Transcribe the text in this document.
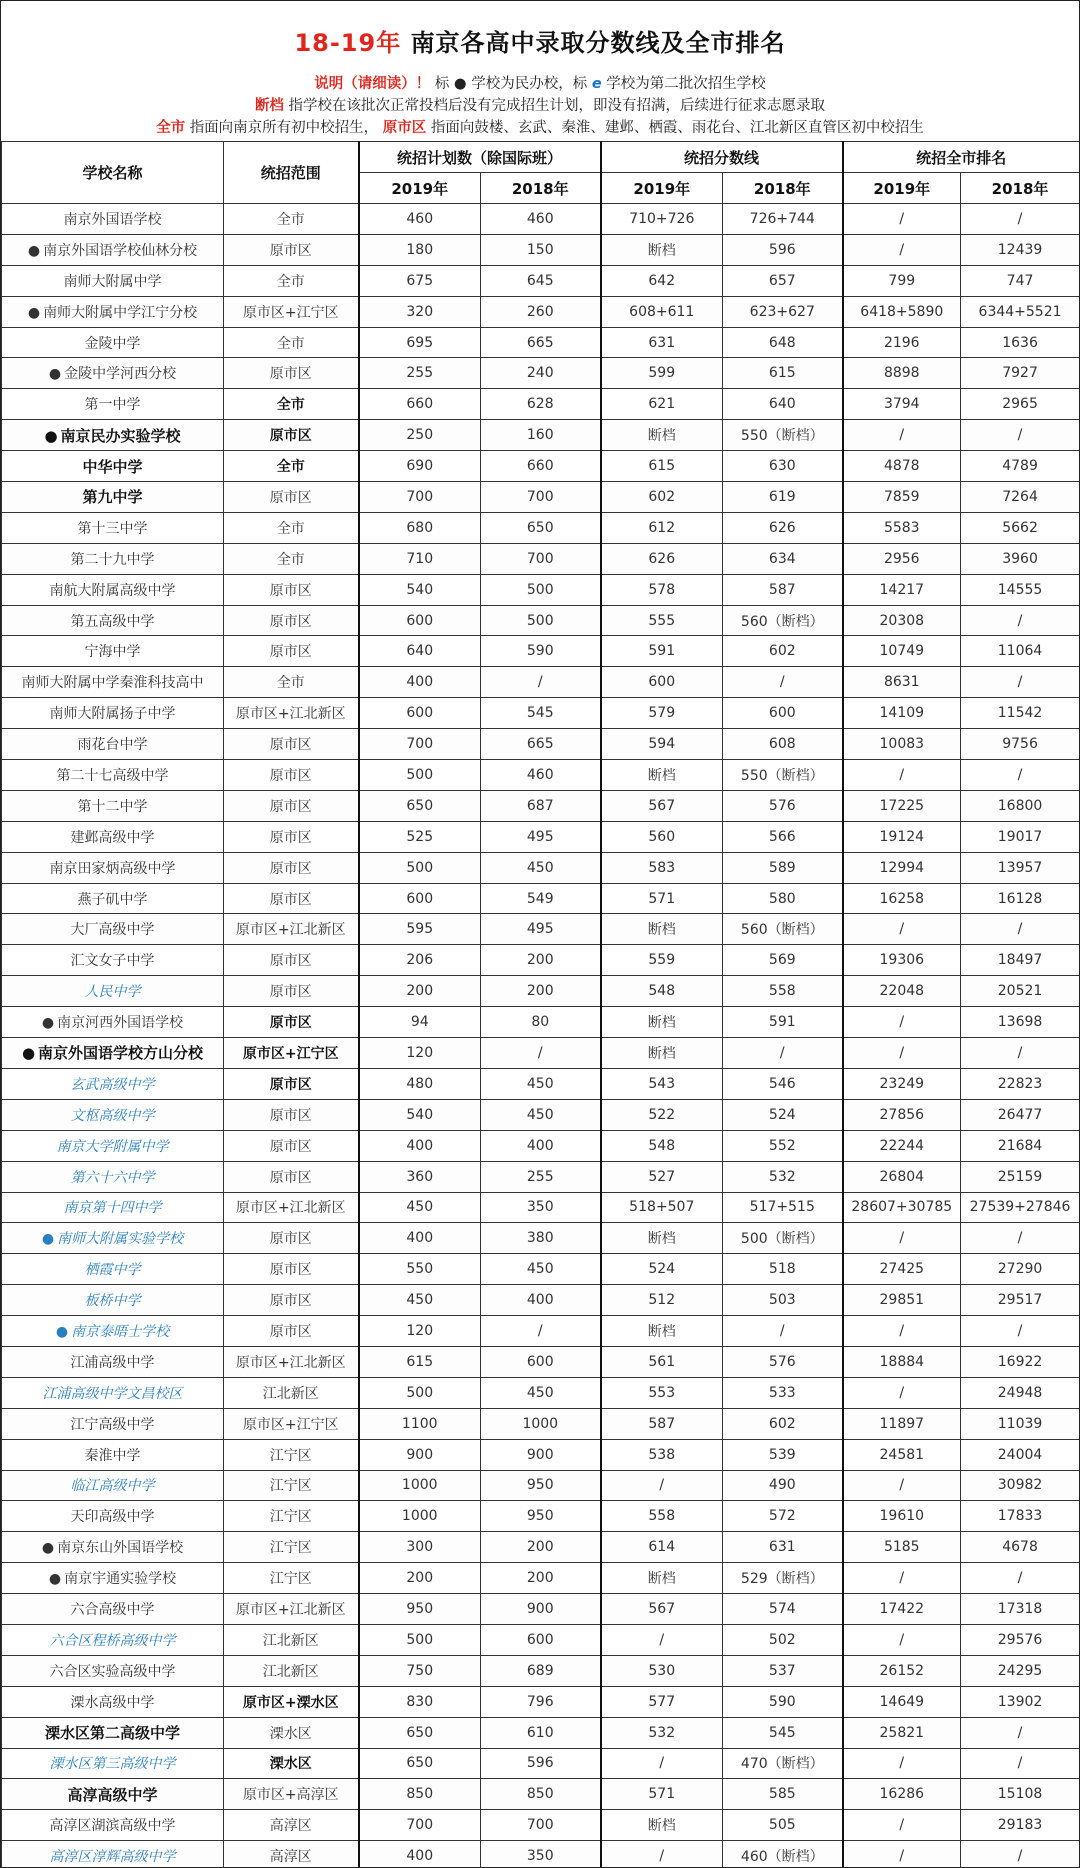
18-19年 南京各高中录取分数线及全市排名
说明（请细读）！ 标 ● 学校为民办校，标 e 学校为第二批次招生学校
断档 指学校在该批次正常投档后没有完成招生计划，即没有招满，后续进行征求志愿录取
全市 指面向南京所有初中校招生， 原市区 指面向鼓楼、玄武、秦淮、建邺、栖霞、雨花台、江北新区直管区初中校招生
学校名称	统招范围	统招计划数（除国际班）		统招分数线		统招全市排名	
		2019年	2018年	2019年	2018年	2019年	2018年
南京外国语学校	全市	460	460	710+726	726+744	/	/
● 南京外国语学校仙林分校	原市区	180	150	断档	596	/	12439
南师大附属中学	全市	675	645	642	657	799	747
● 南师大附属中学江宁分校	原市区+江宁区	320	260	608+611	623+627	6418+5890	6344+5521
金陵中学	全市	695	665	631	648	2196	1636
● 金陵中学河西分校	原市区	255	240	599	615	8898	7927
第一中学	全市	660	628	621	640	3794	2965
● 南京民办实验学校	原市区	250	160	断档	550（断档）	/	/
中华中学	全市	690	660	615	630	4878	4789
第九中学	原市区	700	700	602	619	7859	7264
第十三中学	全市	680	650	612	626	5583	5662
第二十九中学	全市	710	700	626	634	2956	3960
南航大附属高级中学	原市区	540	500	578	587	14217	14555
第五高级中学	原市区	600	500	555	560（断档）	20308	/
宁海中学	原市区	640	590	591	602	10749	11064
南师大附属中学秦淮科技高中	全市	400	/	600	/	8631	/
南师大附属扬子中学	原市区+江北新区	600	545	579	600	14109	11542
雨花台中学	原市区	700	665	594	608	10083	9756
第二十七高级中学	原市区	500	460	断档	550（断档）	/	/
第十二中学	原市区	650	687	567	576	17225	16800
建邺高级中学	原市区	525	495	560	566	19124	19017
南京田家炳高级中学	原市区	500	450	583	589	12994	13957
燕子矶中学	原市区	600	549	571	580	16258	16128
大厂高级中学	原市区+江北新区	595	495	断档	560（断档）	/	/
汇文女子中学	原市区	206	200	559	569	19306	18497
人民中学	原市区	200	200	548	558	22048	20521
● 南京河西外国语学校	原市区	94	80	断档	591	/	13698
● 南京外国语学校方山分校	原市区+江宁区	120	/	断档	/	/	/
玄武高级中学	原市区	480	450	543	546	23249	22823
文枢高级中学	原市区	540	450	522	524	27856	26477
南京大学附属中学	原市区	400	400	548	552	22244	21684
第六十六中学	原市区	360	255	527	532	26804	25159
南京第十四中学	原市区+江北新区	450	350	518+507	517+515	28607+30785	27539+27846
● 南师大附属实验学校	原市区	400	380	断档	500（断档）	/	/
栖霞中学	原市区	550	450	524	518	27425	27290
板桥中学	原市区	450	400	512	503	29851	29517
● 南京泰晤士学校	原市区	120	/	断档	/	/	/
江浦高级中学	原市区+江北新区	615	600	561	576	18884	16922
江浦高级中学文昌校区	江北新区	500	450	553	533	/	24948
江宁高级中学	原市区+江宁区	1100	1000	587	602	11897	11039
秦淮中学	江宁区	900	900	538	539	24581	24004
临江高级中学	江宁区	1000	950	/	490	/	30982
天印高级中学	江宁区	1000	950	558	572	19610	17833
● 南京东山外国语学校	江宁区	300	200	614	631	5185	4678
● 南京宇通实验学校	江宁区	200	200	断档	529（断档）	/	/
六合高级中学	原市区+江北新区	950	900	567	574	17422	17318
六合区程桥高级中学	江北新区	500	600	/	502	/	29576
六合区实验高级中学	江北新区	750	689	530	537	26152	24295
溧水高级中学	原市区+溧水区	830	796	577	590	14649	13902
溧水区第二高级中学	溧水区	650	610	532	545	25821	/
溧水区第三高级中学	溧水区	650	596	/	470（断档）	/	/
高淳高级中学	原市区+高淳区	850	850	571	585	16286	15108
高淳区湖滨高级中学	高淳区	700	700	断档	505	/	29183
高淳区淳辉高级中学	高淳区	400	350	/	460（断档）	/	/
